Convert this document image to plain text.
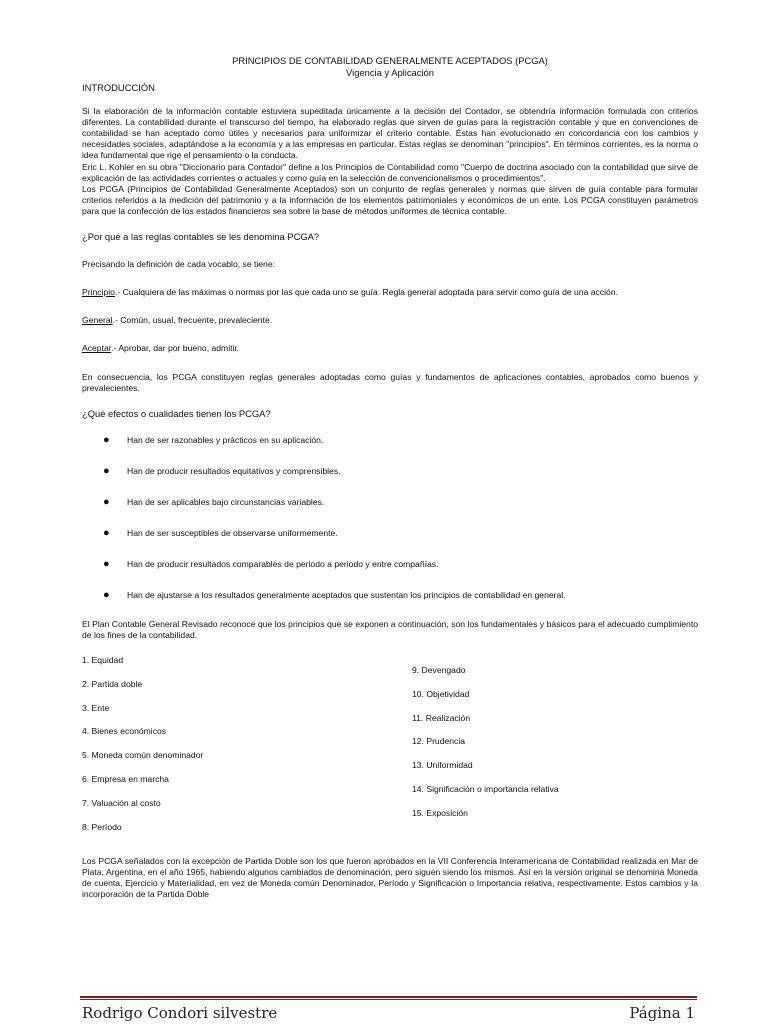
PRINCIPIOS DE CONTABILIDAD GENERALMENTE ACEPTADOS (PCGA)
Vigencia y Aplicación
INTRODUCCIÓN
Si la elaboración de la información contable estuviera supeditada únicamente a la decisión del Contador, se obtendría información formulada con criterios diferentes. La contabilidad durante el transcurso del tiempo, ha elaborado reglas que sirven de guías para la registración contable y que en convenciones de contabilidad se han aceptado como útiles y necesarios para uniformizar el criterio contable. Éstas han evolucionado en concordancia con los cambios y necesidades sociales, adaptándose a la economía y a las empresas en particular. Estas reglas se denominan "principios". En términos corrientes, es la norma o idea fundamental que rige el pensamiento o la conducta.
Eric L. Kohler en su obra "Diccionario para Contador" define a los Principios de Contabilidad como "Cuerpo de doctrina asociado con la contabilidad que sirve de explicación de las actividades corrientes o actuales y como guía en la selección de convencionalismos o procedimientos".
Los PCGA (Principios de Contabilidad Generalmente Aceptados) son un conjunto de reglas generales y normas que sirven de guía contable para formular criterios referidos a la medición del patrimonio y a la información de los elementos patrimoniales y económicos de un ente. Los PCGA constituyen parámetros para que la confección de los estados financieros sea sobre la base de métodos uniformes de técnica contable.
¿Por qué a las reglas contables se les denomina PCGA?
Precisando la definición de cada vocablo, se tiene:
Principio.- Cualquiera de las máximas o normas por las que cada uno se guía. Regla general adoptada para servir como guía de una acción.
General.- Común, usual, frecuente, prevaleciente.
Aceptar.- Aprobar, dar por bueno, admitir.
En consecuencia, los PCGA constituyen reglas generales adoptadas como guías y fundamentos de aplicaciones contables, aprobados como buenos y prevalecientes.
¿Qué efectos o cualidades tienen los PCGA?
● Han de ser razonables y prácticos en su aplicación.
● Han de producir resultados equitativos y comprensibles.
● Han de ser aplicables bajo circunstancias variables.
● Han de ser susceptibles de observarse uniformemente.
● Han de producir resultados comparables de periodo a periodo y entre compañías.
● Han de ajustarse a los resultados generalmente aceptados que sustentan los principios de contabilidad en general.
El Plan Contable General Revisado reconoce que los principios que se exponen a continuación, son los fundamentales y básicos para el adecuado cumplimiento de los fines de la contabilidad.
1. Equidad
2. Partida doble
3. Ente
4. Bienes económicos
5. Moneda común denominador
6. Empresa en marcha
7. Valuación al costo
8. Período
9. Devengado
10. Objetividad
11. Realización
12. Prudencia
13. Uniformidad
14. Significación o importancia relativa
15. Exposición
Los PCGA señalados con la excepción de Partida Doble son los que fueron aprobados en la VII Conferencia Interamericana de Contabilidad realizada en Mar de Plata, Argentina, en el año 1965, habiendo algunos cambiados de denominación, pero siguen siendo los mismos. Así en la versión original se denomina Moneda de cuenta, Ejercicio y Materialidad, en vez de Moneda común Denominador, Período y Significación o Importancia relativa, respectivamente. Estos cambios y la incorporación de la Partida Doble
Rodrigo Condori silvestre	Página 1
